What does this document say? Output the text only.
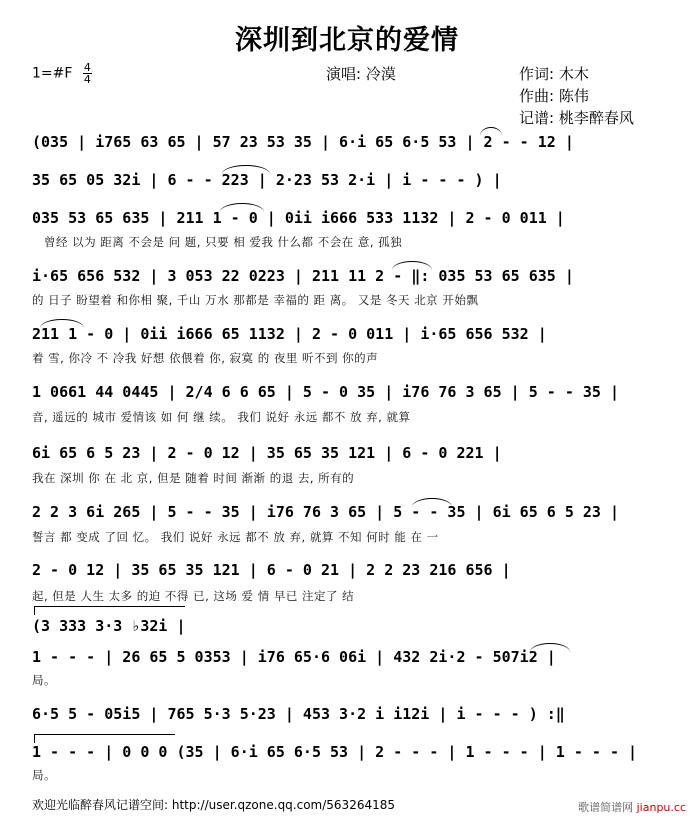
深圳到北京的爱情
1=#F $\frac{4}{4}$	演唱: 冷漠	作词: 木木
作曲: 陈伟
记谱: 桃李醉春风
(035 | i765 63 65 | 57 23 53 35 | 6·i 65 6·5 53 | 2 - - 12 |
35 65 05 32i | 6 - - 223 | 2·23 53 2·i | i - - - ) |
035 53 65 635 | 211 1 - 0 | 0ii i666 533 1132 | 2 - 0 011 |
曾经 以为 距离 不会是 问 题, 只要 相 爱我 什么都 不会在 意, 孤独
i·65 656 532 | 3 053 22 0223 | 211 11 2 - ‖: 035 53 65 635 |
的 日子 盼望着 和你相 聚, 千山 万水 那都是 幸福的 距 离。 又是 冬天 北京 开始飘
211 1 - 0 | 0ii i666 65 1132 | 2 - 0 011 | i·65 656 532 |
着 雪, 你冷 不 冷我 好想 依偎着 你, 寂寞 的 夜里 听不到 你的声
1 0661 44 0445 | 2/4 6 6 65 | 5 - 0 35 | i76 76 3 65 | 5 - - 35 |
音, 遥远的 城市 爱情该 如 何 继 续。 我们 说好 永远 都不 放 弃, 就算
6i 65 6 5 23 | 2 - 0 12 | 35 65 35 121 | 6 - 0 221 |
我在 深圳 你 在 北 京, 但是 随着 时间 渐渐 的退 去, 所有的
2 2 3 6i 265 | 5 - - 35 | i76 76 3 65 | 5 - - 35 | 6i 65 6 5 23 |
誓言 都 变成 了回 忆。 我们 说好 永远 都不 放 弃, 就算 不知 何时 能 在 一
2 - 0 12 | 35 65 35 121 | 6 - 0 21 | 2 2 23 216 656 |
起, 但是 人生 太多 的迫 不得 已, 这场 爱 情 早已 注定了 结
(3 333 3·3 ♭32i |
1 - - - | 26 65 5 0353 | i76 65·6 06i | 432 2i·2 - 507i2 |
局。
6·5 5 - 05i5 | 765 5·3 5·23 | 453 3·2 i i12i | i - - - ) :‖
1 - - - | 0 0 0 (35 | 6·i 65 6·5 53 | 2 - - - | 1 - - - | 1 - - - |
局。
欢迎光临醉春风记谱空间: http://user.qzone.qq.com/563264185	歌谱简谱网 jianpu.cc
